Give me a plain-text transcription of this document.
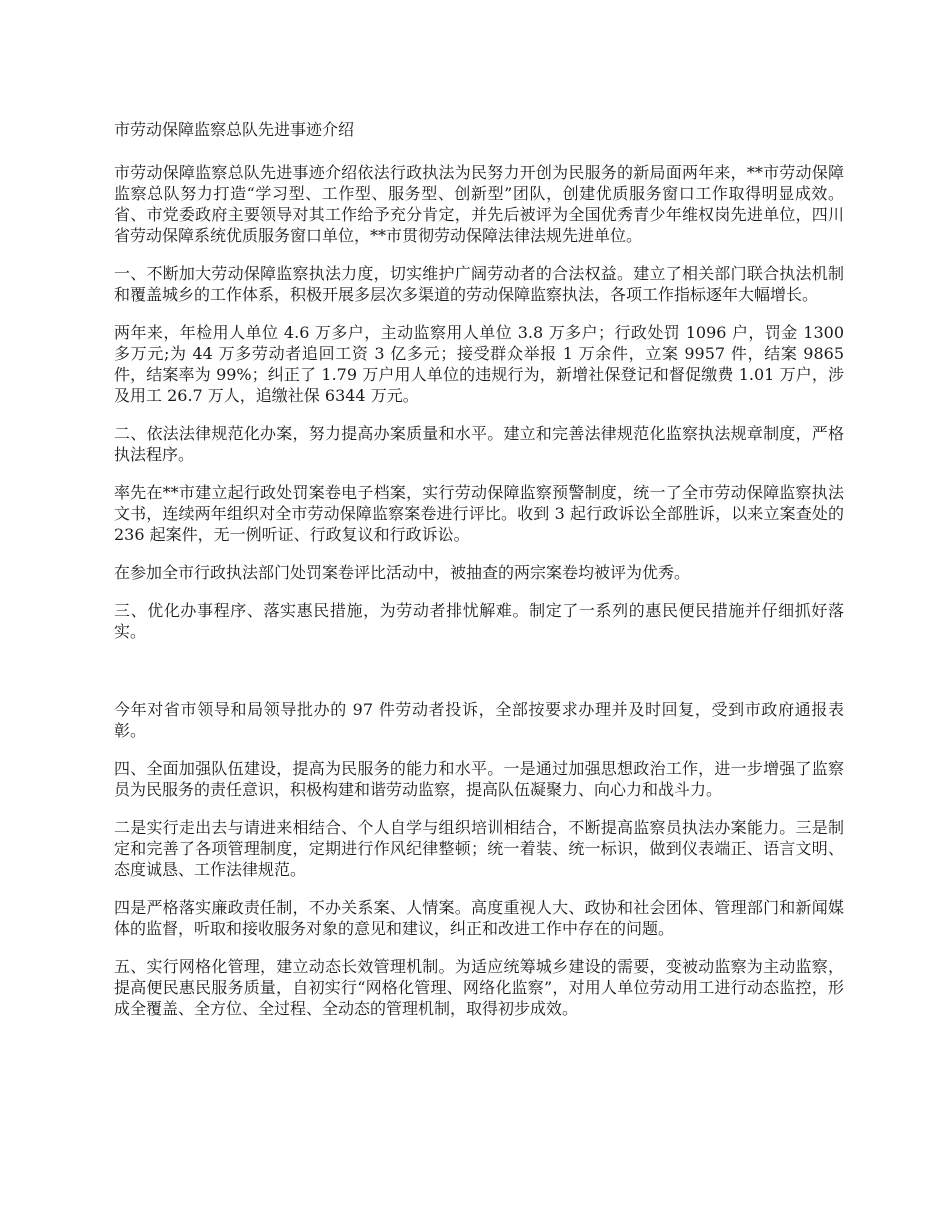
市劳动保障监察总队先进事迹介绍

市劳动保障监察总队先进事迹介绍依法行政执法为民努力开创为民服务的新局面两年来，**市劳动保障监察总队努力打造“学习型、工作型、服务型、创新型”团队，创建优质服务窗口工作取得明显成效。省、市党委政府主要领导对其工作给予充分肯定，并先后被评为全国优秀青少年维权岗先进单位，四川省劳动保障系统优质服务窗口单位，**市贯彻劳动保障法律法规先进单位。

一、不断加大劳动保障监察执法力度，切实维护广阔劳动者的合法权益。建立了相关部门联合执法机制和覆盖城乡的工作体系，积极开展多层次多渠道的劳动保障监察执法，各项工作指标逐年大幅增长。

两年来，年检用人单位 4.6 万多户，主动监察用人单位 3.8 万多户；行政处罚 1096 户，罚金 1300 多万元;为 44 万多劳动者追回工资 3 亿多元；接受群众举报 1 万余件，立案 9957 件，结案 9865 件，结案率为 99%；纠正了 1.79 万户用人单位的违规行为，新增社保登记和督促缴费 1.01 万户，涉及用工 26.7 万人，追缴社保 6344 万元。

二、依法法律规范化办案，努力提高办案质量和水平。建立和完善法律规范化监察执法规章制度，严格执法程序。

率先在**市建立起行政处罚案卷电子档案，实行劳动保障监察预警制度，统一了全市劳动保障监察执法文书，连续两年组织对全市劳动保障监察案卷进行评比。收到 3 起行政诉讼全部胜诉，以来立案查处的 236 起案件，无一例听证、行政复议和行政诉讼。

在参加全市行政执法部门处罚案卷评比活动中，被抽查的两宗案卷均被评为优秀。

三、优化办事程序、落实惠民措施，为劳动者排忧解难。制定了一系列的惠民便民措施并仔细抓好落实。

今年对省市领导和局领导批办的 97 件劳动者投诉，全部按要求办理并及时回复，受到市政府通报表彰。

四、全面加强队伍建设，提高为民服务的能力和水平。一是通过加强思想政治工作，进一步增强了监察员为民服务的责任意识，积极构建和谐劳动监察，提高队伍凝聚力、向心力和战斗力。

二是实行走出去与请进来相结合、个人自学与组织培训相结合，不断提高监察员执法办案能力。三是制定和完善了各项管理制度，定期进行作风纪律整顿；统一着装、统一标识，做到仪表端正、语言文明、态度诚恳、工作法律规范。

四是严格落实廉政责任制，不办关系案、人情案。高度重视人大、政协和社会团体、管理部门和新闻媒体的监督，听取和接收服务对象的意见和建议，纠正和改进工作中存在的问题。

五、实行网格化管理，建立动态长效管理机制。为适应统筹城乡建设的需要，变被动监察为主动监察，提高便民惠民服务质量，自初实行“网格化管理、网络化监察”，对用人单位劳动用工进行动态监控，形成全覆盖、全方位、全过程、全动态的管理机制，取得初步成效。
